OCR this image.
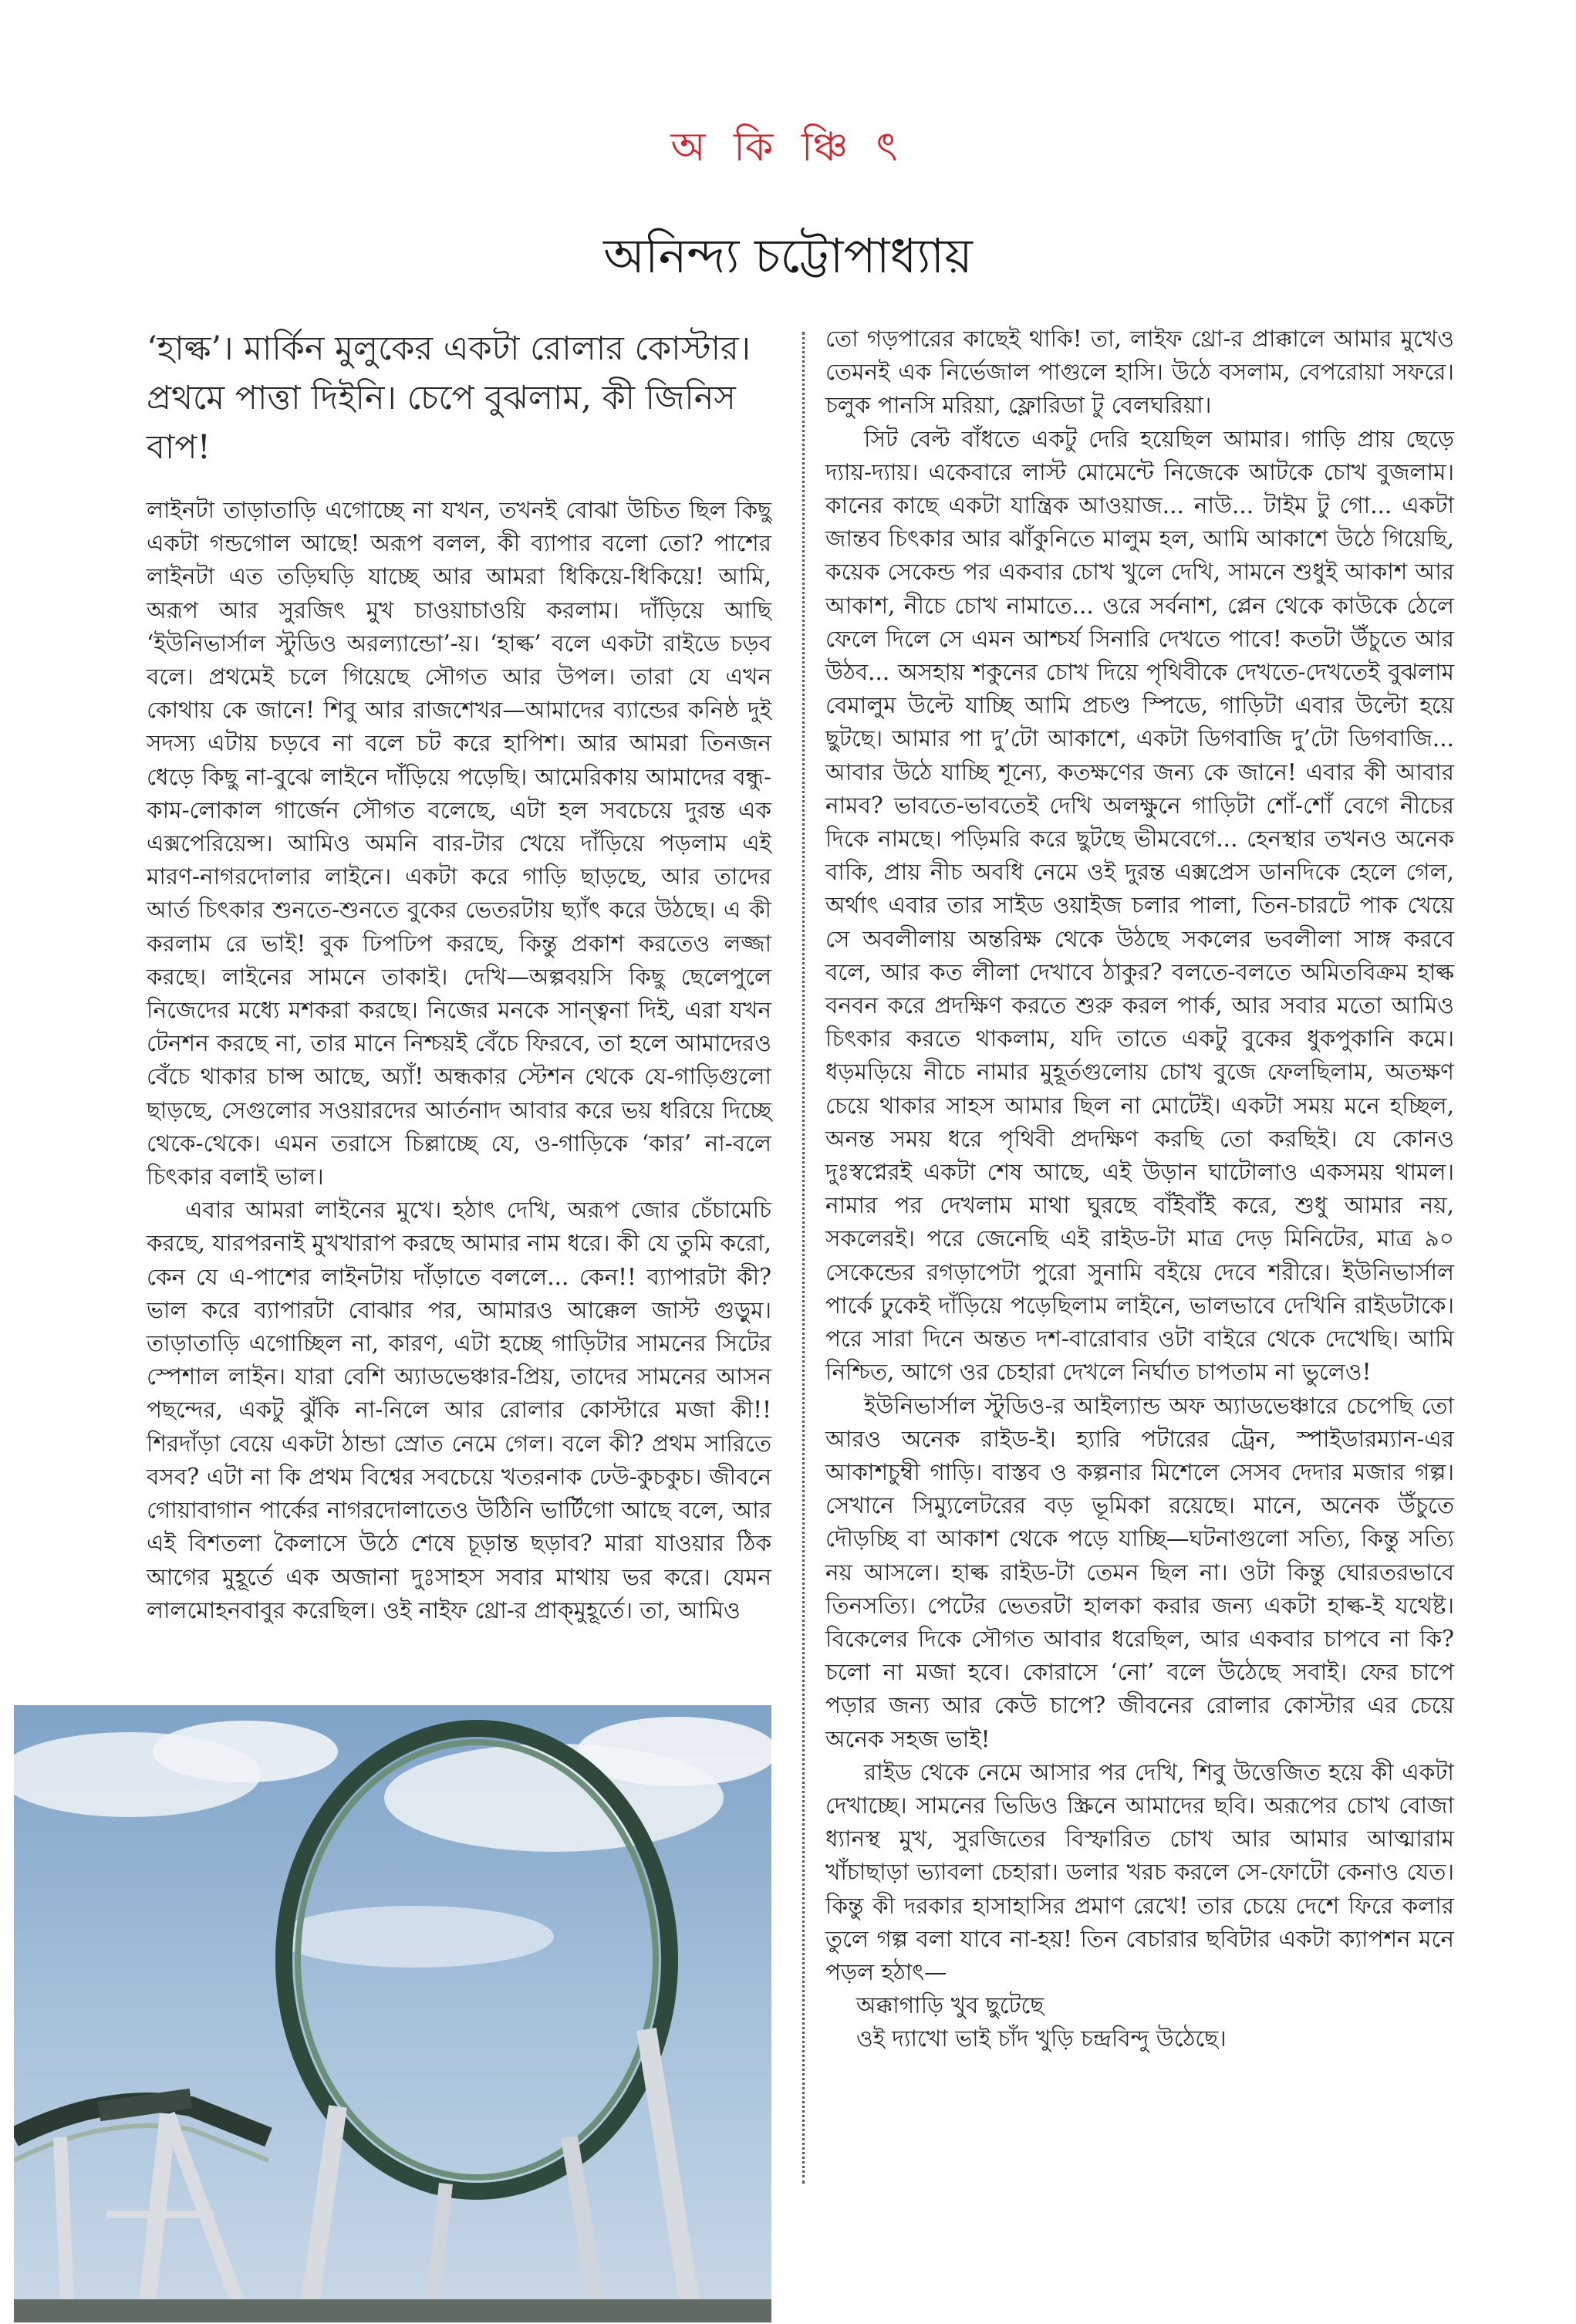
অ কি ঞ্চি ৎ
অনিন্দ্য চট্টোপাধ্যায়
‘হাল্ক’। মার্কিন মুলুকের একটা রোলার কোস্টার। প্রথমে পাত্তা দিইনি। চেপে বুঝলাম, কী জিনিস বাপ!

লাইনটা তাড়াতাড়ি এগোচ্ছে না যখন, তখনই বোঝা উচিত ছিল কিছু একটা গন্ডগোল আছে! অরূপ বলল, কী ব্যাপার বলো তো? পাশের লাইনটা এত তড়িঘড়ি যাচ্ছে আর আমরা ধিকিয়ে-ধিকিয়ে! আমি, অরূপ আর সুরজিৎ মুখ চাওয়াচাওয়ি করলাম। দাঁড়িয়ে আছি ‘ইউনিভার্সাল স্টুডিও অরল্যান্ডো’-য়। ‘হাল্ক’ বলে একটা রাইডে চড়ব বলে। প্রথমেই চলে গিয়েছে সৌগত আর উপল। তারা যে এখন কোথায় কে জানে! শিবু আর রাজশেখর—আমাদের ব্যান্ডের কনিষ্ঠ দুই সদস্য এটায় চড়বে না বলে চট করে হাপিশ। আর আমরা তিনজন ধেড়ে কিছু না-বুঝে লাইনে দাঁড়িয়ে পড়েছি। আমেরিকায় আমাদের বন্ধু-কাম-লোকাল গার্জেন সৌগত বলেছে, এটা হল সবচেয়ে দুরন্ত এক এক্সপেরিয়েন্স। আমিও অমনি বার-টার খেয়ে দাঁড়িয়ে পড়লাম এই মারণ-নাগরদোলার লাইনে। একটা করে গাড়ি ছাড়ছে, আর তাদের আর্ত চিৎকার শুনতে-শুনতে বুকের ভেতরটায় ছ্যাঁৎ করে উঠছে। এ কী করলাম রে ভাই! বুক ঢিপঢিপ করছে, কিন্তু প্রকাশ করতেও লজ্জা করছে। লাইনের সামনে তাকাই। দেখি—অল্পবয়সি কিছু ছেলেপুলে নিজেদের মধ্যে মশকরা করছে। নিজের মনকে সান্ত্বনা দিই, এরা যখন টেনশন করছে না, তার মানে নিশ্চয়ই বেঁচে ফিরবে, তা হলে আমাদেরও বেঁচে থাকার চান্স আছে, অ্যাঁ! অন্ধকার স্টেশন থেকে যে-গাড়িগুলো ছাড়ছে, সেগুলোর সওয়ারদের আর্তনাদ আবার করে ভয় ধরিয়ে দিচ্ছে থেকে-থেকে। এমন তরাসে চিল্লাচ্ছে যে, ও-গাড়িকে ‘কার’ না-বলে চিৎকার বলাই ভাল।

এবার আমরা লাইনের মুখে। হঠাৎ দেখি, অরূপ জোর চেঁচামেচি করছে, যারপরনাই মুখখারাপ করছে আমার নাম ধরে। কী যে তুমি করো, কেন যে এ-পাশের লাইনটায় দাঁড়াতে বললে... কেন!! ব্যাপারটা কী? ভাল করে ব্যাপারটা বোঝার পর, আমারও আক্কেল জাস্ট গুড়ুম। তাড়াতাড়ি এগোচ্ছিল না, কারণ, এটা হচ্ছে গাড়িটার সামনের সিটের স্পেশাল লাইন। যারা বেশি অ্যাডভেঞ্চার-প্রিয়, তাদের সামনের আসন পছন্দের, একটু ঝুঁকি না-নিলে আর রোলার কোস্টারে মজা কী!! শিরদাঁড়া বেয়ে একটা ঠান্ডা স্রোত নেমে গেল। বলে কী? প্রথম সারিতে বসব? এটা না কি প্রথম বিশ্বের সবচেয়ে খতরনাক ঢেউ-কুচকুচ। জীবনে গোয়াবাগান পার্কের নাগরদোলাতেও উঠিনি ভার্টিগো আছে বলে, আর এই বিশতলা কৈলাসে উঠে শেষে চূড়ান্ত ছড়াব? মারা যাওয়ার ঠিক আগের মুহূর্তে এক অজানা দুঃসাহস সবার মাথায় ভর করে। যেমন লালমোহনবাবুর করেছিল। ওই নাইফ থ্রো-র প্রাক্‌মুহূর্তে। তা, আমিও

তো গড়পারের কাছেই থাকি! তা, লাইফ থ্রো-র প্রাক্কালে আমার মুখেও তেমনই এক নির্ভেজাল পাগুলে হাসি। উঠে বসলাম, বেপরোয়া সফরে। চলুক পানসি মরিয়া, ফ্লোরিডা টু বেলঘরিয়া।

সিট বেল্ট বাঁধতে একটু দেরি হয়েছিল আমার। গাড়ি প্রায় ছেড়ে দ্যায়-দ্যায়। একেবারে লাস্ট মোমেন্টে নিজেকে আটকে চোখ বুজলাম। কানের কাছে একটা যান্ত্রিক আওয়াজ... নাউ... টাইম টু গো... একটা জান্তব চিৎকার আর ঝাঁকুনিতে মালুম হল, আমি আকাশে উঠে গিয়েছি, কয়েক সেকেন্ড পর একবার চোখ খুলে দেখি, সামনে শুধুই আকাশ আর আকাশ, নীচে চোখ নামাতে... ওরে সর্বনাশ, প্লেন থেকে কাউকে ঠেলে ফেলে দিলে সে এমন আশ্চর্য সিনারি দেখতে পাবে! কতটা উঁচুতে আর উঠব... অসহায় শকুনের চোখ দিয়ে পৃথিবীকে দেখতে-দেখতেই বুঝলাম বেমালুম উল্টে যাচ্ছি আমি প্রচণ্ড স্পিডে, গাড়িটা এবার উল্টো হয়ে ছুটছে। আমার পা দু’টো আকাশে, একটা ডিগবাজি দু’টো ডিগবাজি... আবার উঠে যাচ্ছি শূন্যে, কতক্ষণের জন্য কে জানে! এবার কী আবার নামব? ভাবতে-ভাবতেই দেখি অলক্ষুনে গাড়িটা শোঁ-শোঁ বেগে নীচের দিকে নামছে। পড়িমরি করে ছুটছে ভীমবেগে... হেনস্থার তখনও অনেক বাকি, প্রায় নীচ অবধি নেমে ওই দুরন্ত এক্সপ্রেস ডানদিকে হেলে গেল, অর্থাৎ এবার তার সাইড ওয়াইজ চলার পালা, তিন-চারটে পাক খেয়ে সে অবলীলায় অন্তরিক্ষ থেকে উঠছে সকলের ভবলীলা সাঙ্গ করবে বলে, আর কত লীলা দেখাবে ঠাকুর? বলতে-বলতে অমিতবিক্রম হাল্ক বনবন করে প্রদক্ষিণ করতে শুরু করল পার্ক, আর সবার মতো আমিও চিৎকার করতে থাকলাম, যদি তাতে একটু বুকের ধুকপুকানি কমে। ধড়মড়িয়ে নীচে নামার মুহূর্তগুলোয় চোখ বুজে ফেলছিলাম, অতক্ষণ চেয়ে থাকার সাহস আমার ছিল না মোটেই। একটা সময় মনে হচ্ছিল, অনন্ত সময় ধরে পৃথিবী প্রদক্ষিণ করছি তো করছিই। যে কোনও দুঃস্বপ্নেরই একটা শেষ আছে, এই উড়ান ঘাটোলাও একসময় থামল। নামার পর দেখলাম মাথা ঘুরছে বাঁইবাঁই করে, শুধু আমার নয়, সকলেরই। পরে জেনেছি এই রাইড-টা মাত্র দেড় মিনিটের, মাত্র ৯০ সেকেন্ডের রগড়াপেটা পুরো সুনামি বইয়ে দেবে শরীরে। ইউনিভার্সাল পার্কে ঢুকেই দাঁড়িয়ে পড়েছিলাম লাইনে, ভালভাবে দেখিনি রাইডটাকে। পরে সারা দিনে অন্তত দশ-বারোবার ওটা বাইরে থেকে দেখেছি। আমি নিশ্চিত, আগে ওর চেহারা দেখলে নির্ঘাত চাপতাম না ভুলেও!

ইউনিভার্সাল স্টুডিও-র আইল্যান্ড অফ অ্যাডভেঞ্চারে চেপেছি তো আরও অনেক রাইড-ই। হ্যারি পটারের ট্রেন, স্পাইডারম্যান-এর আকাশচুম্বী গাড়ি। বাস্তব ও কল্পনার মিশেলে সেসব দেদার মজার গল্প। সেখানে সিম্যুলেটরের বড় ভূমিকা রয়েছে। মানে, অনেক উঁচুতে দৌড়চ্ছি বা আকাশ থেকে পড়ে যাচ্ছি—ঘটনাগুলো সত্যি, কিন্তু সত্যি নয় আসলে। হাল্ক রাইড-টা তেমন ছিল না। ওটা কিন্তু ঘোরতরভাবে তিনসত্যি। পেটের ভেতরটা হালকা করার জন্য একটা হাল্ক-ই যথেষ্ট। বিকেলের দিকে সৌগত আবার ধরেছিল, আর একবার চাপবে না কি? চলো না মজা হবে। কোরাসে ‘নো’ বলে উঠেছে সবাই। ফের চাপে পড়ার জন্য আর কেউ চাপে? জীবনের রোলার কোস্টার এর চেয়ে অনেক সহজ ভাই!

রাইড থেকে নেমে আসার পর দেখি, শিবু উত্তেজিত হয়ে কী একটা দেখাচ্ছে। সামনের ভিডিও স্ক্রিনে আমাদের ছবি। অরূপের চোখ বোজা ধ্যানস্থ মুখ, সুরজিতের বিস্ফারিত চোখ আর আমার আত্মারাম খাঁচাছাড়া ভ্যাবলা চেহারা। ডলার খরচ করলে সে-ফোটো কেনাও যেত। কিন্তু কী দরকার হাসাহাসির প্রমাণ রেখে! তার চেয়ে দেশে ফিরে কলার তুলে গল্প বলা যাবে না-হয়! তিন বেচারার ছবিটার একটা ক্যাপশন মনে পড়ল হঠাৎ—

অক্কাগাড়ি খুব ছুটেছে

ওই দ্যাখো ভাই চাঁদ খুড়ি চন্দ্রবিন্দু উঠেছে।
